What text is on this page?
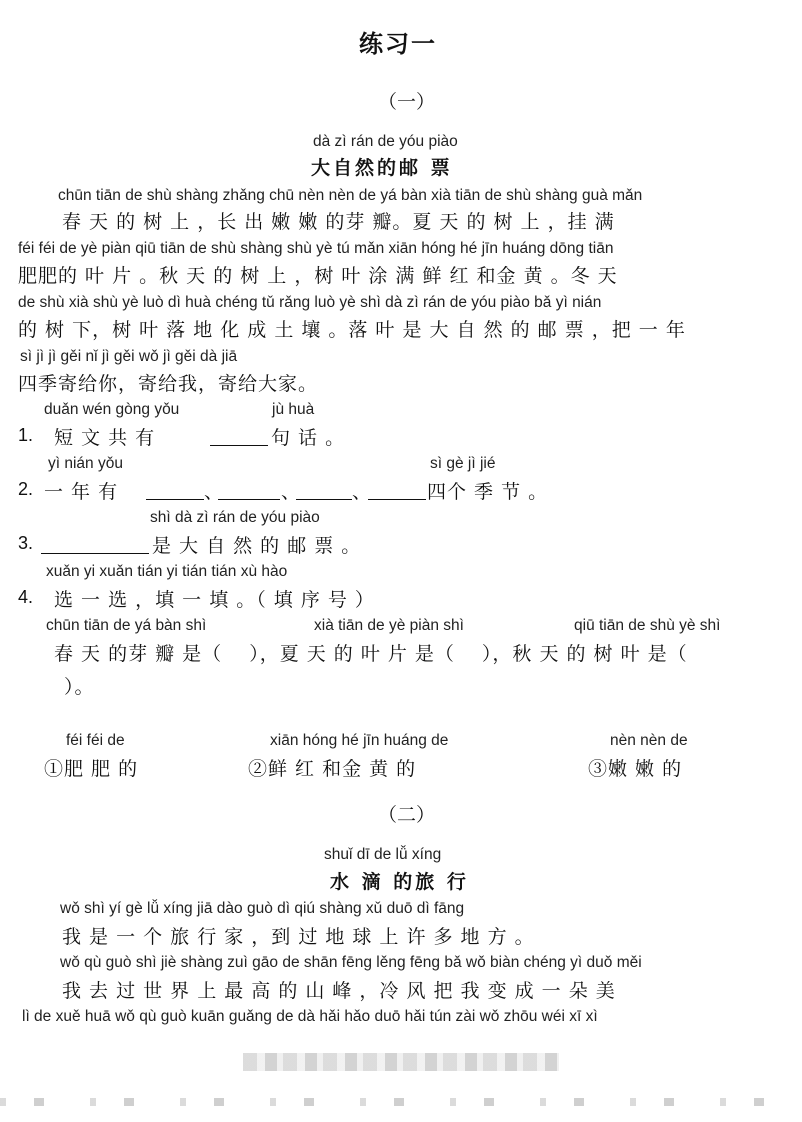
练习一
（一）
dà zì rán de yóu piào
大自然的邮 票
chūn tiān de shù shàng zhǎng chū nèn nèn de yá bàn xià tiān de shù shàng guà mǎn
春 天 的 树 上 ，长 出 嫩 嫩 的芽 瓣。夏 天 的 树 上 ，挂 满
féi féi de yè piàn qiū tiān de shù shàng shù yè tú mǎn xiān hóng hé jīn huáng dōng tiān
肥肥的 叶 片 。秋 天 的 树 上 ，树 叶 涂 满 鲜 红 和金 黄 。冬 天
de shù xià shù yè luò dì huà chéng tǔ rǎng luò yè shì dà zì rán de yóu piào bǎ yì nián
的 树 下，树 叶 落 地 化 成 土 壤 。落 叶 是 大 自 然 的 邮 票 ，把 一 年
sì jì jì gěi nǐ jì gěi wǒ jì gěi dà jiā
四季寄给你，寄给我，寄给大家。
duǎn wén gòng yǒu	jù huà
1. 短 文 共 有	句 话 。
yì nián yǒu	sì gè jì jié
2. 一 年 有	、	、	、	四个 季 节 。
shì dà zì rán de yóu piào
3.	是 大 自 然 的 邮 票 。
xuǎn yi xuǎn tián yi tián tián xù hào
4. 选 一 选 ，填 一 填 。（ 填 序 号 ）
chūn tiān de yá bàn shì	xià tiān de yè piàn shì	qiū tiān de shù yè shì
春 天 的芽 瓣 是（　 ），夏 天 的 叶 片 是（　 ），秋 天 的 树 叶 是（
）。
féi féi de
①肥 肥 的
xiān hóng hé jīn huáng de
②鲜 红 和金 黄 的
nèn nèn de
③嫩 嫩 的
（二）
shuǐ dī de lǚ xíng
水 滴 的旅 行
wǒ shì yí gè lǚ xíng jiā dào guò dì qiú shàng xǔ duō dì fāng
我 是 一 个 旅 行 家 ，到 过 地 球 上 许 多 地 方 。
wǒ qù guò shì jiè shàng zuì gāo de shān fēng lěng fēng bǎ wǒ biàn chéng yì duǒ měi
我 去 过 世 界 上 最 高 的 山 峰 ，冷 风 把 我 变 成 一 朵 美
lì de xuě huā wǒ qù guò kuān guǎng de dà hǎi hǎo duō hǎi tún zài wǒ zhōu wéi xī xì
